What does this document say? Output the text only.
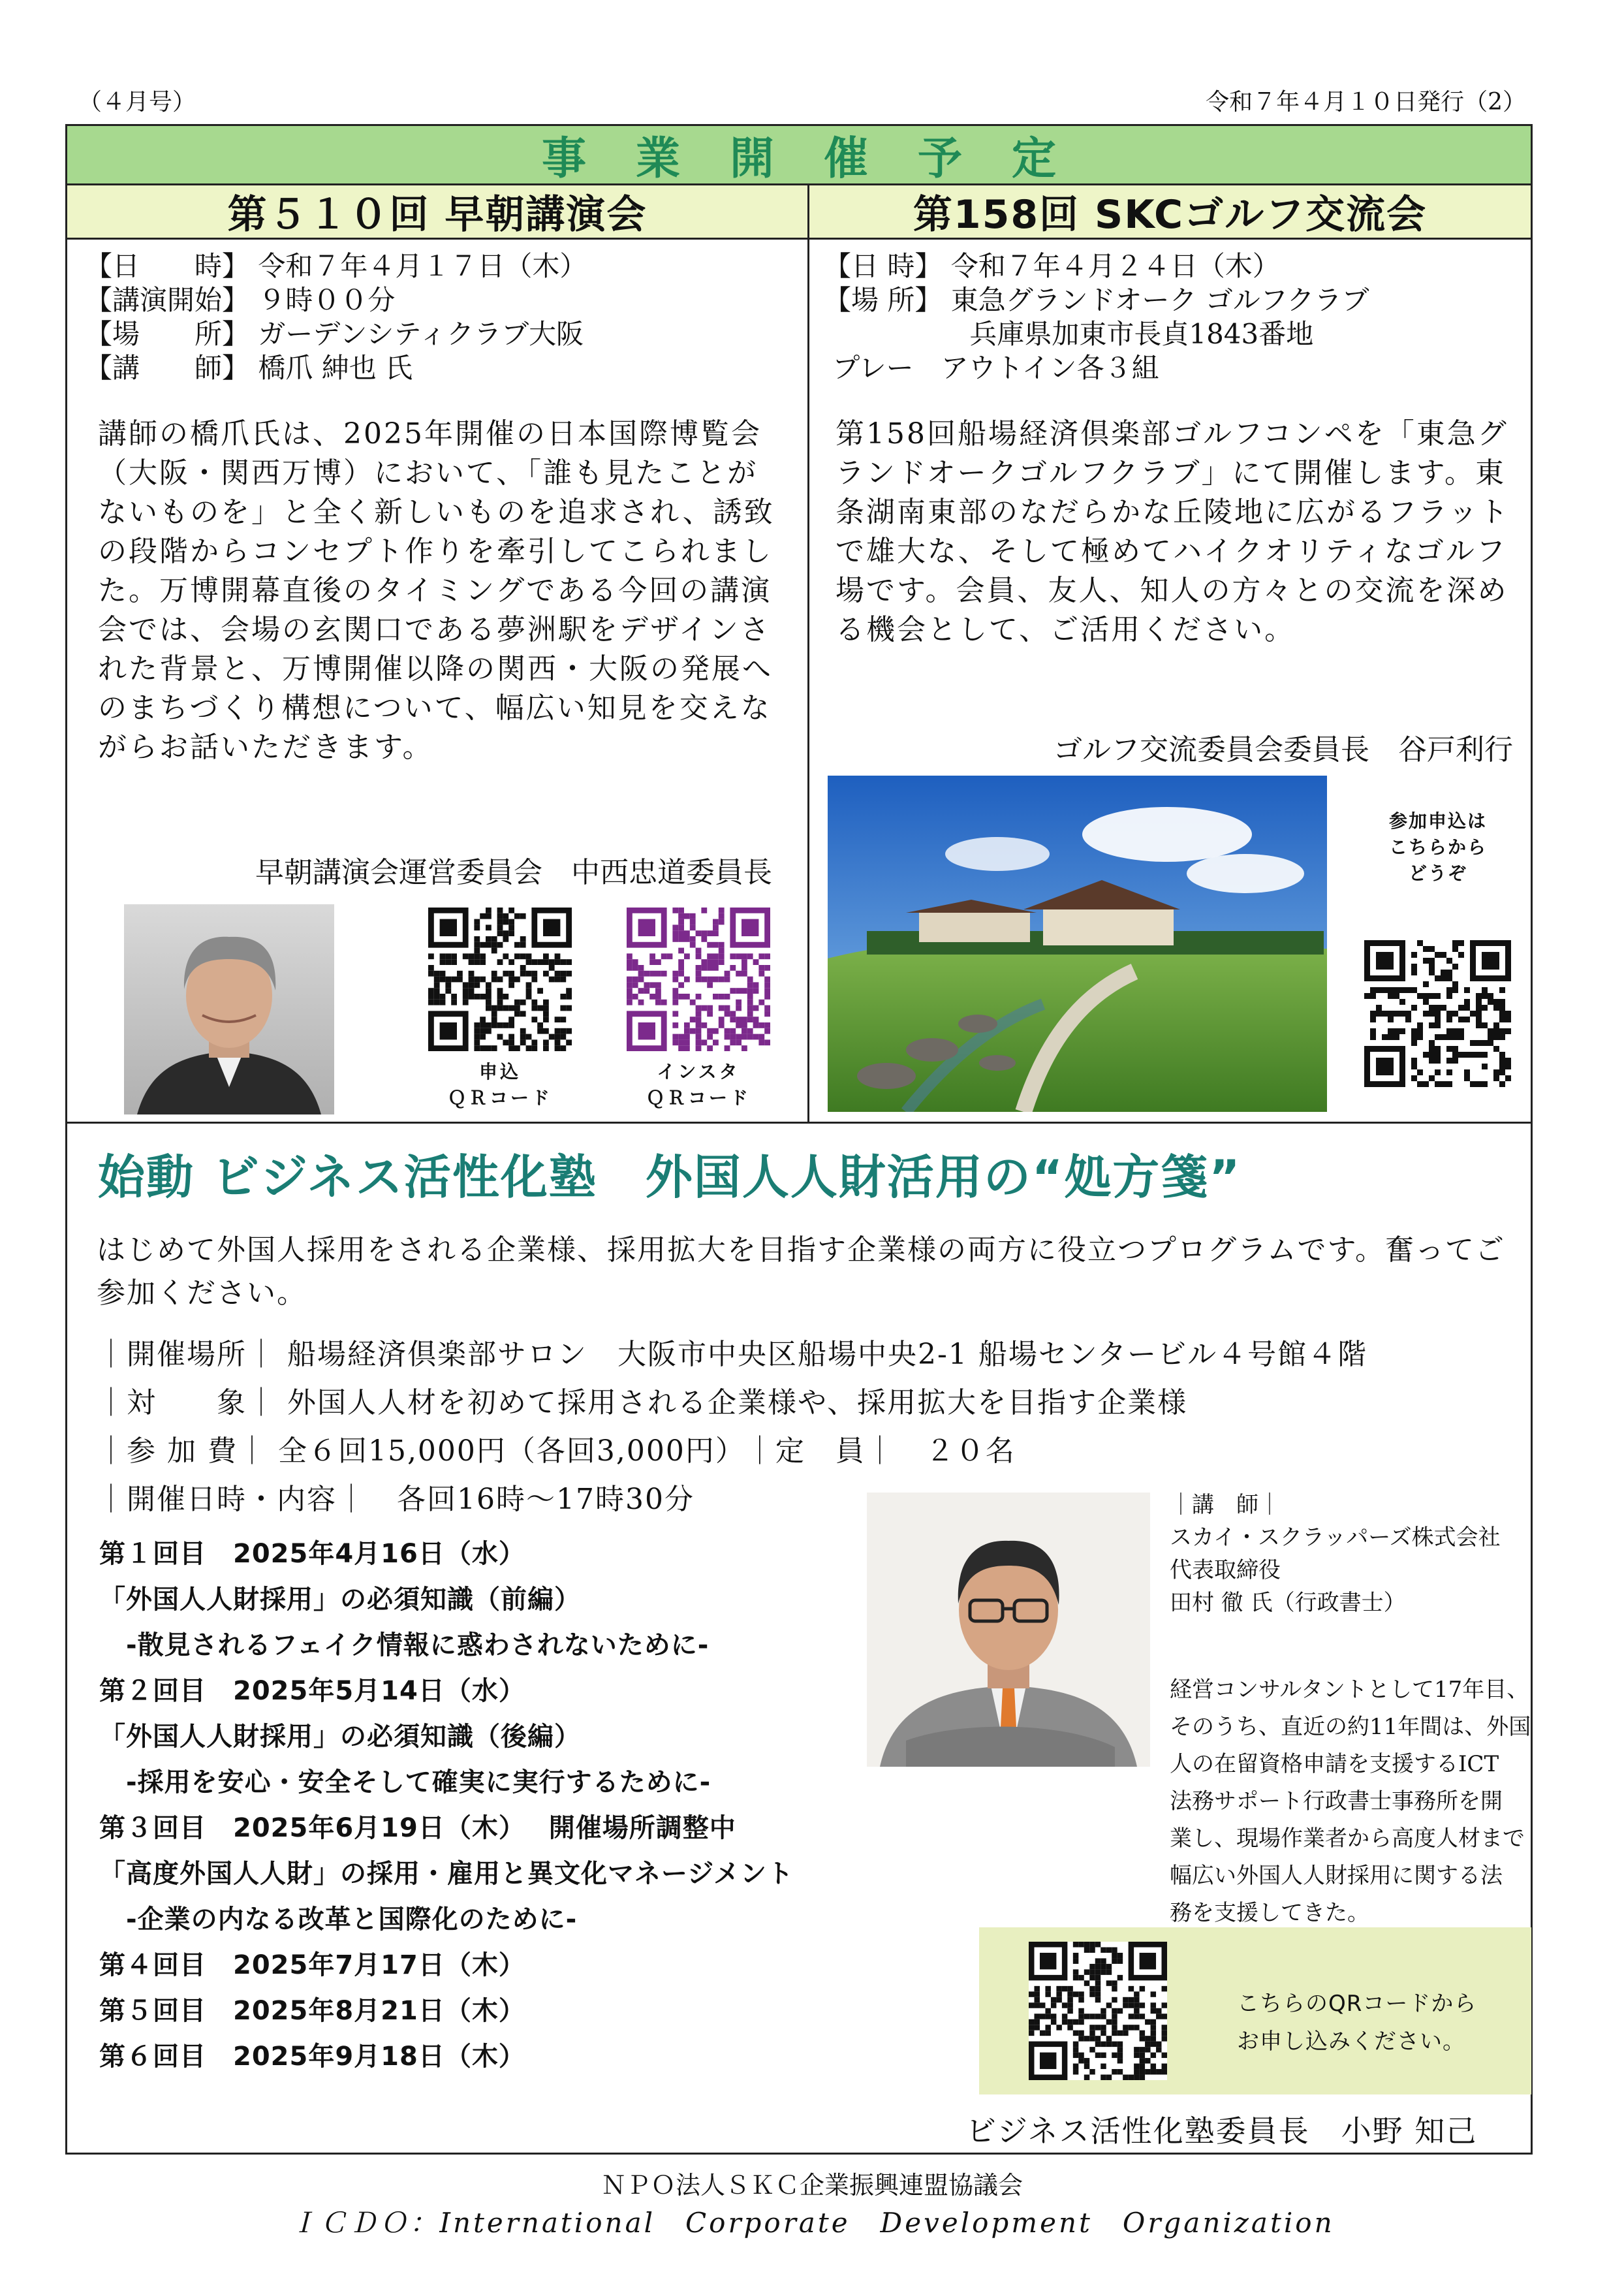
（４月号）	令和７年４月１０日発行（2）
事業開催予定
第５１０回 早朝講演会	第158回 SKCゴルフ交流会
【日　　時】 令和７年４月１７日（木）
【講演開始】 ９時００分
【場　　所】 ガーデンシティクラブ大阪
【講　　師】 橋爪 紳也 氏
講師の橋爪氏は、2025年開催の日本国際博覧会（大阪・関西万博）において、「誰も見たことがないものを」と全く新しいものを追求され、誘致の段階からコンセプト作りを牽引してこられました。万博開幕直後のタイミングである今回の講演会では、会場の玄関口である夢洲駅をデザインされた背景と、万博開催以降の関西・大阪の発展へのまちづくり構想について、幅広い知見を交えながらお話いただきます。
早朝講演会運営委員会　中西忠道委員長
申込
ＱＲコード
インスタ
ＱＲコード
【日 時】 令和７年４月２４日（木）
【場 所】 東急グランドオーク ゴルフクラブ
　　　　　 兵庫県加東市長貞1843番地
プレー　アウトイン各３組
第158回船場経済倶楽部ゴルフコンペを「東急グランドオークゴルフクラブ」にて開催します。東条湖南東部のなだらかな丘陵地に広がるフラットで雄大な、そして極めてハイクオリティなゴルフ場です。会員、友人、知人の方々との交流を深める機会として、ご活用ください。
ゴルフ交流委員会委員長　谷戸利行
参加申込は
こちらから
どうぞ
始動 ビジネス活性化塾　外国人人財活用の“処方箋”
はじめて外国人採用をされる企業様、採用拡大を目指す企業様の両方に役立つプログラムです。奮ってご参加ください。
｜開催場所｜ 船場経済倶楽部サロン　大阪市中央区船場中央2-1 船場センタービル４号館４階
｜対　　象｜ 外国人人材を初めて採用される企業様や、採用拡大を目指す企業様
｜参 加 費｜ 全６回15,000円（各回3,000円）｜定　員｜　２０名
｜開催日時・内容｜　各回16時～17時30分
第１回目　2025年4月16日（水）
「外国人人財採用」の必須知識（前編）
　-散見されるフェイク情報に惑わされないために-
第２回目　2025年5月14日（水）
「外国人人財採用」の必須知識（後編）
　-採用を安心・安全そして確実に実行するために-
第３回目　2025年6月19日（木）　 開催場所調整中
「高度外国人人財」の採用・雇用と異文化マネージメント
　-企業の内なる改革と国際化のために-
第４回目　2025年7月17日（木）
第５回目　2025年8月21日（木）
第６回目　2025年9月18日（木）
｜講　師｜
スカイ・スクラッパーズ株式会社
代表取締役
田村 徹 氏（行政書士）
経営コンサルタントとして17年目、
そのうち、直近の約11年間は、外国
人の在留資格申請を支援するICT
法務サポート行政書士事務所を開
業し、現場作業者から高度人材まで
幅広い外国人人財採用に関する法
務を支援してきた。
こちらのQRコードから
お申し込みください。
ビジネス活性化塾委員長　小野 知己
ＮＰＯ法人ＳＫＣ企業振興連盟協議会
ＩＣＤＯ：International　Corporate　Development　Organization
